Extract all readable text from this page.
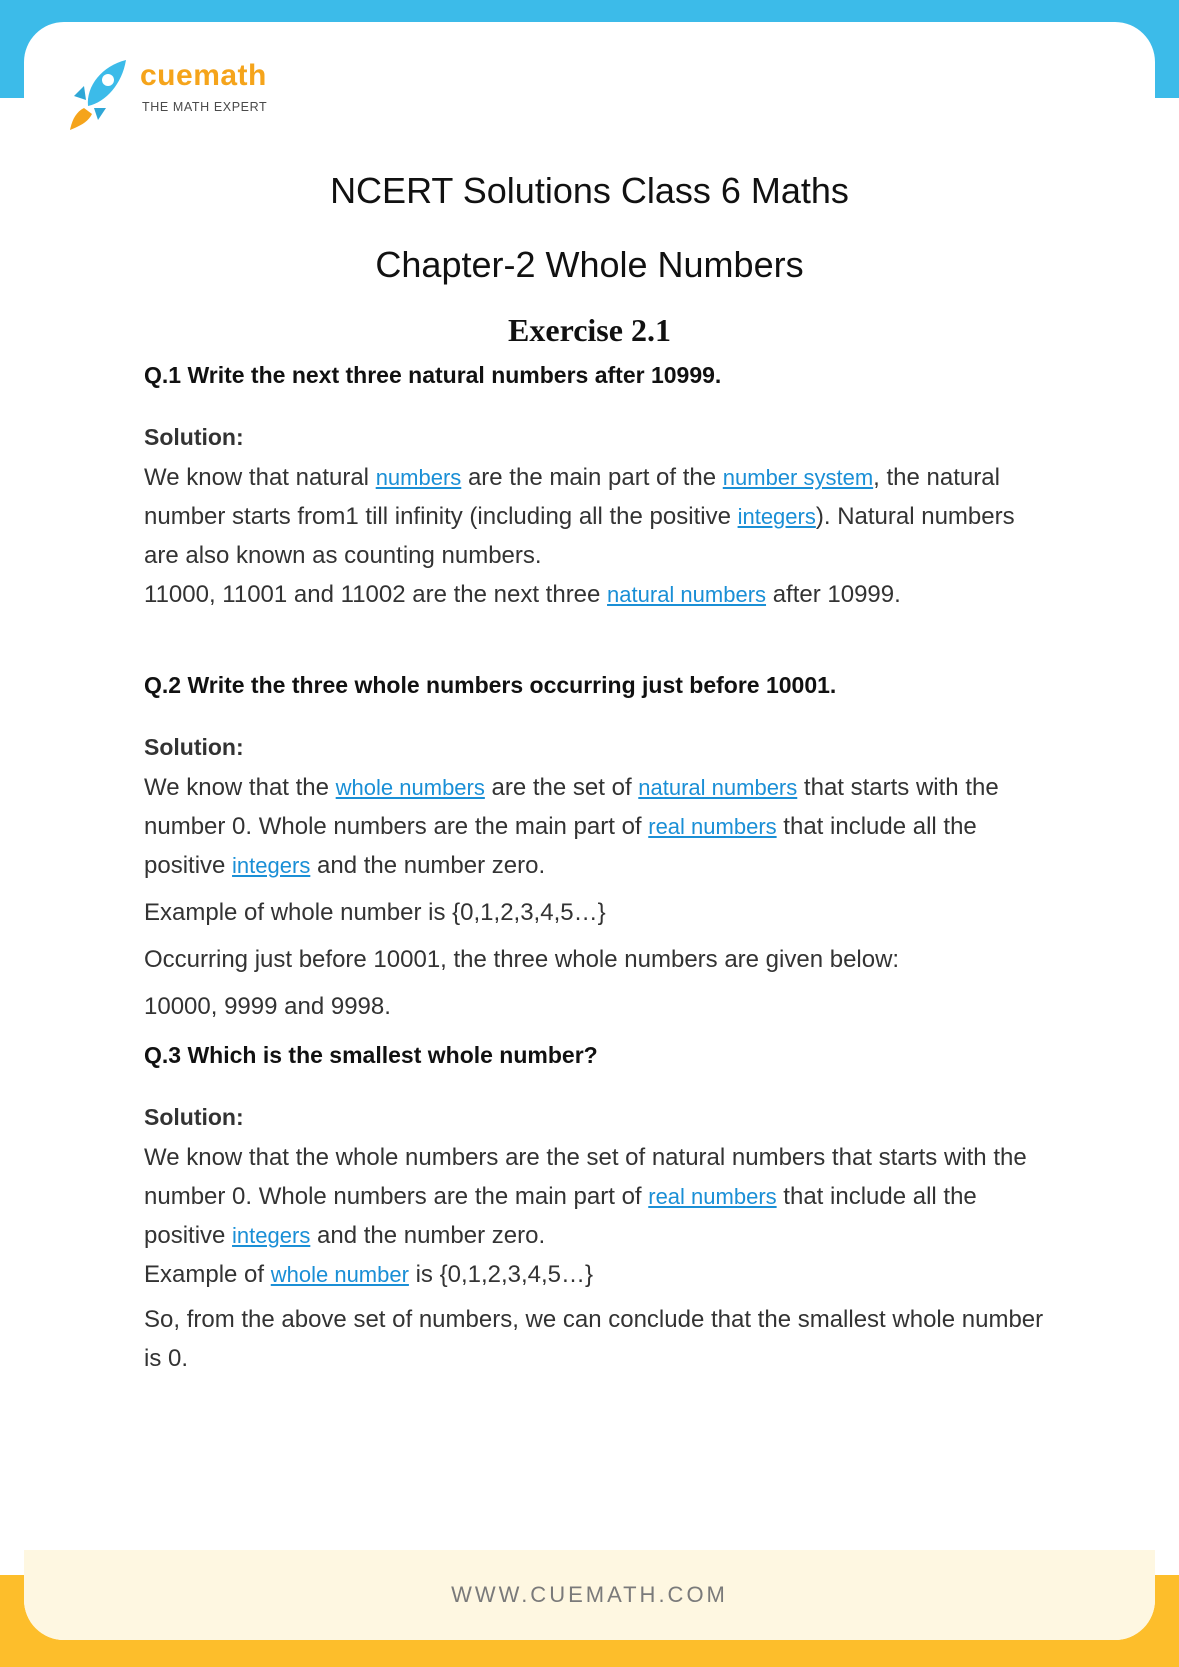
cuemath
THE MATH EXPERT
NCERT Solutions Class 6 Maths
Chapter-2 Whole Numbers
Exercise 2.1

Q.1 Write the next three natural numbers after 10999.

Solution:

We know that natural numbers are the main part of the number system, the natural number starts from1 till infinity (including all the positive integers). Natural numbers are also known as counting numbers.

11000, 11001 and 11002 are the next three natural numbers after 10999.

Q.2 Write the three whole numbers occurring just before 10001.

Solution:

We know that the whole numbers are the set of natural numbers that starts with the number 0. Whole numbers are the main part of real numbers that include all the positive integers and the number zero.

Example of whole number is {0,1,2,3,4,5…}

Occurring just before 10001, the three whole numbers are given below:

10000, 9999 and 9998.

Q.3 Which is the smallest whole number?

Solution:

We know that the whole numbers are the set of natural numbers that starts with the number 0. Whole numbers are the main part of real numbers that include all the positive integers and the number zero.

Example of whole number is {0,1,2,3,4,5…}

So, from the above set of numbers, we can conclude that the smallest whole number is 0.

WWW.CUEMATH.COM
